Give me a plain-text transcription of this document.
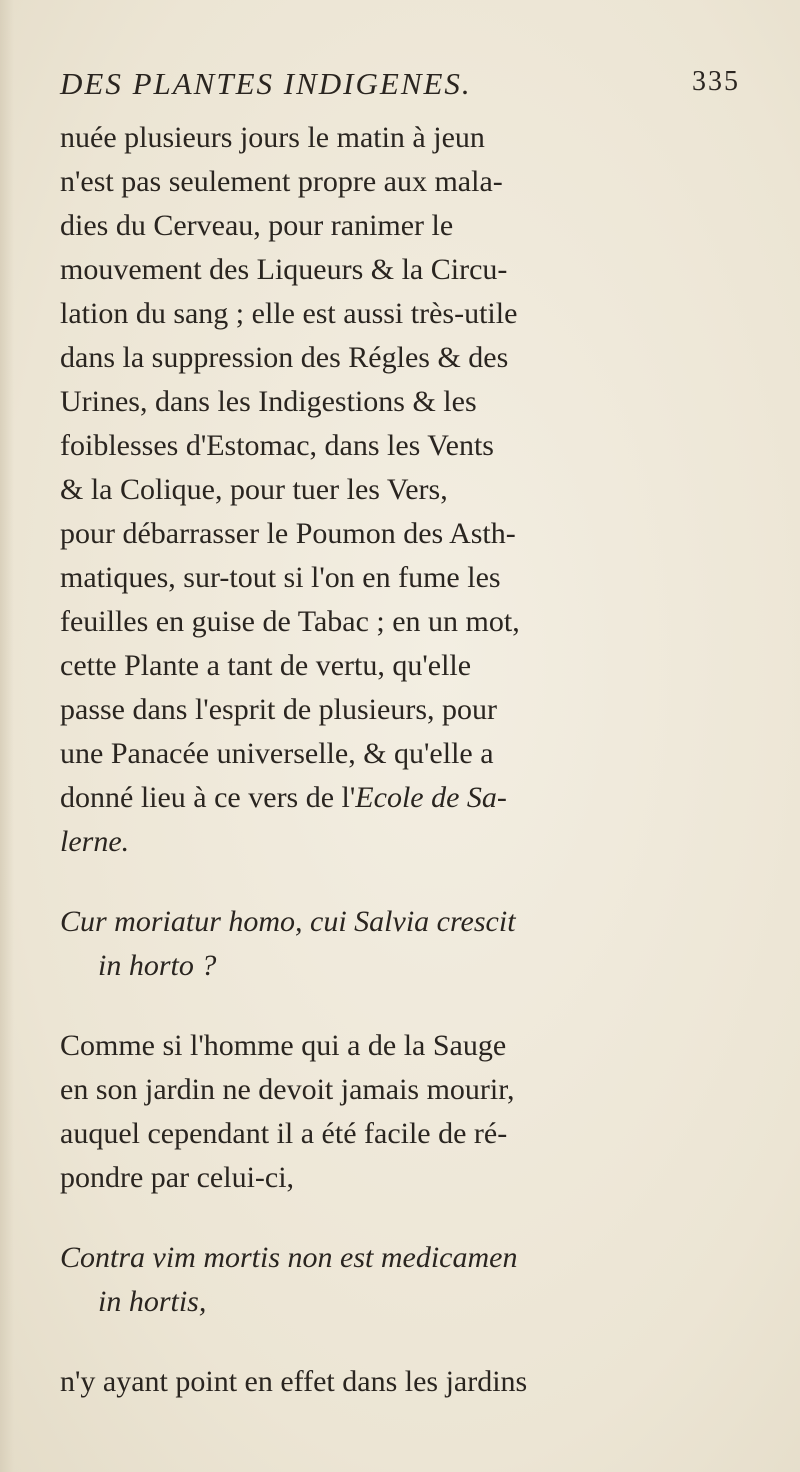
DES PLANTES INDIGENES.	335
nuée plusieurs jours le matin à jeun
n'est pas seulement propre aux mala-
dies du Cerveau, pour ranimer le
mouvement des Liqueurs & la Circu-
lation du sang ; elle est aussi très-utile
dans la suppression des Régles & des
Urines, dans les Indigestions & les
foiblesses d'Estomac, dans les Vents
& la Colique, pour tuer les Vers,
pour débarrasser le Poumon des Asth-
matiques, sur-tout si l'on en fume les
feuilles en guise de Tabac ; en un mot,
cette Plante a tant de vertu, qu'elle
passe dans l'esprit de plusieurs, pour
une Panacée universelle, & qu'elle a
donné lieu à ce vers de l'Ecole de Sa-
lerne.
Cur moriatur homo, cui Salvia crescit
in horto ?
Comme si l'homme qui a de la Sauge
en son jardin ne devoit jamais mourir,
auquel cependant il a été facile de ré-
pondre par celui-ci,
Contra vim mortis non est medicamen
in hortis,
n'y ayant point en effet dans les jardins
